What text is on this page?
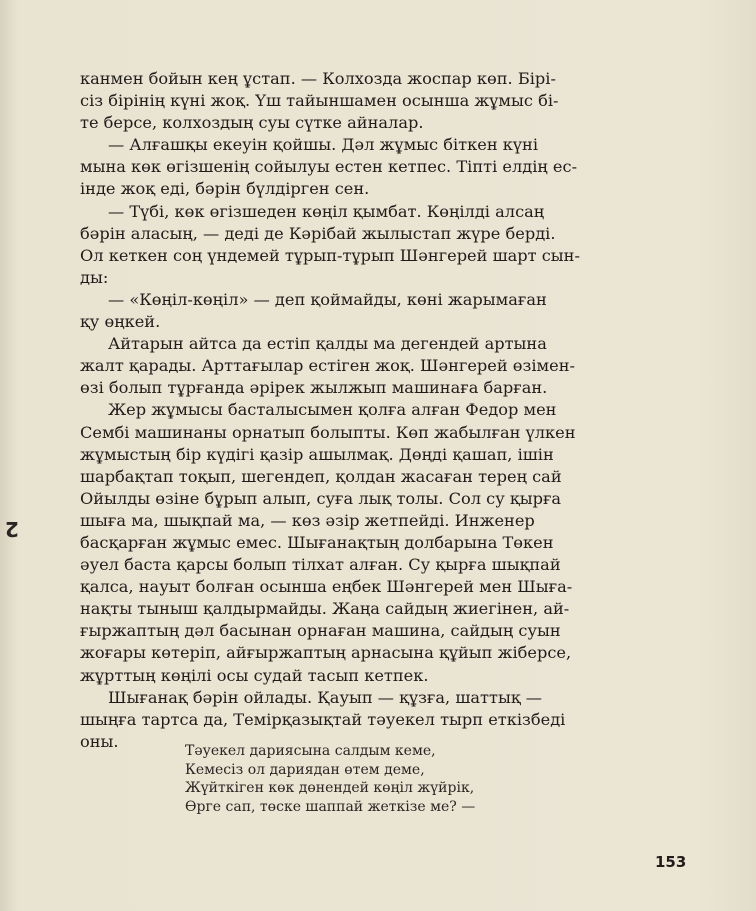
канмен бойын кең ұстап. — Колхозда жоспар көп. Бірі-
сіз бірінің күні жоқ. Үш тайыншамен осынша жұмыс бі-
те берсе, колхоздың суы сүтке айналар.
— Алғашқы екеуін қойшы. Дәл жұмыс біткен күні
мына көк өгізшенің сойылуы естен кетпес. Тіпті елдің ес-
інде жоқ еді, бәрін бүлдірген сен.
— Түбі, көк өгізшеден көңіл қымбат. Көңілді алсаң
бәрін аласың, — деді де Кәрібай жылыстап жүре берді.
Ол кеткен соң үндемей тұрып-тұрып Шәнгерей шарт сын-
ды:
— «Көңіл-көңіл» — деп қоймайды, көні жарымаған
қу өңкей.
Айтарын айтса да естіп қалды ма дегендей артына
жалт қарады. Арттағылар естіген жоқ. Шәнгерей өзімен-
өзі болып тұрғанда әрірек жылжып машинаға барған.
Жер жұмысы басталысымен қолға алған Федор мен
Сембі машинаны орнатып болыпты. Көп жабылған үлкен
жұмыстың бір күдігі қазір ашылмақ. Дөңді қашап, ішін
шарбақтап тоқып, шегендеп, қолдан жасаған терең сай
Ойылды өзіне бұрып алып, суға лық толы. Сол су қырға
шыға ма, шықпай ма, — көз әзір жетпейді. Инженер
басқарған жұмыс емес. Шығанақтың долбарына Төкен
әуел баста қарсы болып тілхат алған. Су қырға шықпай
қалса, науыт болған осынша еңбек Шәнгерей мен Шыға-
нақты тыныш қалдырмайды. Жаңа сайдың жиегінен, ай-
ғыржаптың дәл басынан орнаған машина, сайдың суын
жоғары көтеріп, айғыржаптың арнасына құйып жіберсе,
жұрттың көңілі осы судай тасып кетпек.
Шығанақ бәрін ойлады. Қауып — құзға, шаттық —
шыңға тартса да, Темірқазықтай тәуекел тырп еткізбеді
оны.
Тәуекел дариясына салдым кеме,
Кемесіз ол дариядан өтем деме,
Жүйткіген көк дөнендей көңіл жүйрік,
Өрге сап, төске шаппай жеткізе ме? —
2
153
